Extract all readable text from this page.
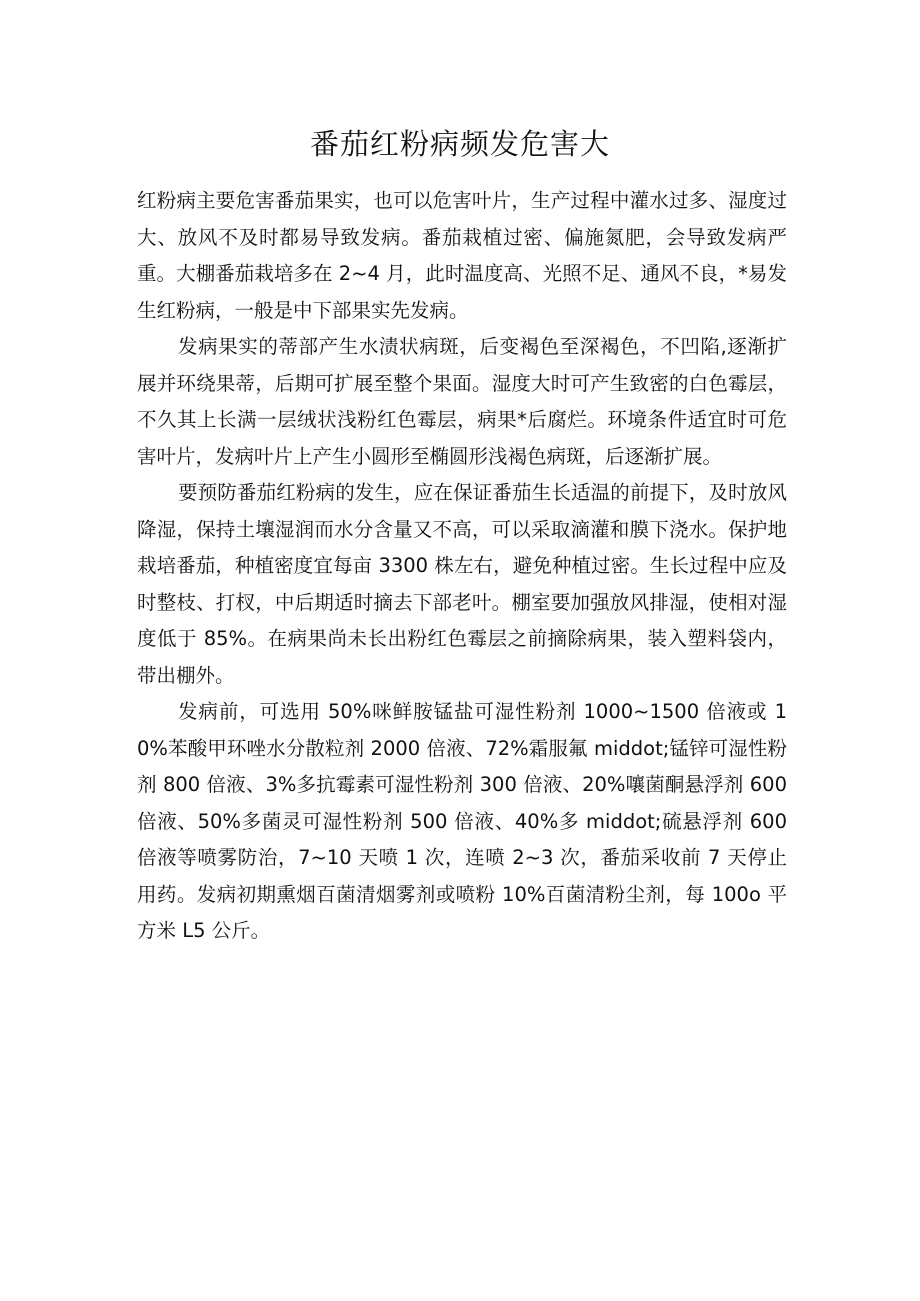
番茄红粉病频发危害大

红粉病主要危害番茄果实，也可以危害叶片，生产过程中灌水过多、湿度过大、放风不及时都易导致发病。番茄栽植过密、偏施氮肥，会导致发病严重。大棚番茄栽培多在 2~4 月，此时温度高、光照不足、通风不良，*易发生红粉病，一般是中下部果实先发病。

发病果实的蒂部产生水渍状病斑，后变褐色至深褐色，不凹陷,逐渐扩展并环绕果蒂，后期可扩展至整个果面。湿度大时可产生致密的白色霉层，不久其上长满一层绒状浅粉红色霉层，病果*后腐烂。环境条件适宜时可危害叶片，发病叶片上产生小圆形至椭圆形浅褐色病斑，后逐渐扩展。

要预防番茄红粉病的发生，应在保证番茄生长适温的前提下，及时放风降湿，保持土壤湿润而水分含量又不高，可以采取滴灌和膜下浇水。保护地栽培番茄，种植密度宜每亩 3300 株左右，避免种植过密。生长过程中应及时整枝、打杈，中后期适时摘去下部老叶。棚室要加强放风排湿，使相对湿度低于 85%。在病果尚未长出粉红色霉层之前摘除病果，装入塑料袋内，带出棚外。

发病前，可选用 50%咪鲜胺锰盐可湿性粉剂 1000~1500 倍液或 10%苯酸甲环唑水分散粒剂 2000 倍液、72%霜服氟 middot;锰锌可湿性粉剂 800 倍液、3%多抗霉素可湿性粉剂 300 倍液、20%嚷菌酮悬浮剂 600 倍液、50%多菌灵可湿性粉剂 500 倍液、40%多 middot;硫悬浮剂 600 倍液等喷雾防治，7~10 天喷 1 次，连喷 2~3 次，番茄采收前 7 天停止用药。发病初期熏烟百菌清烟雾剂或喷粉 10%百菌清粉尘剂，每 100o 平方米 L5 公斤。
